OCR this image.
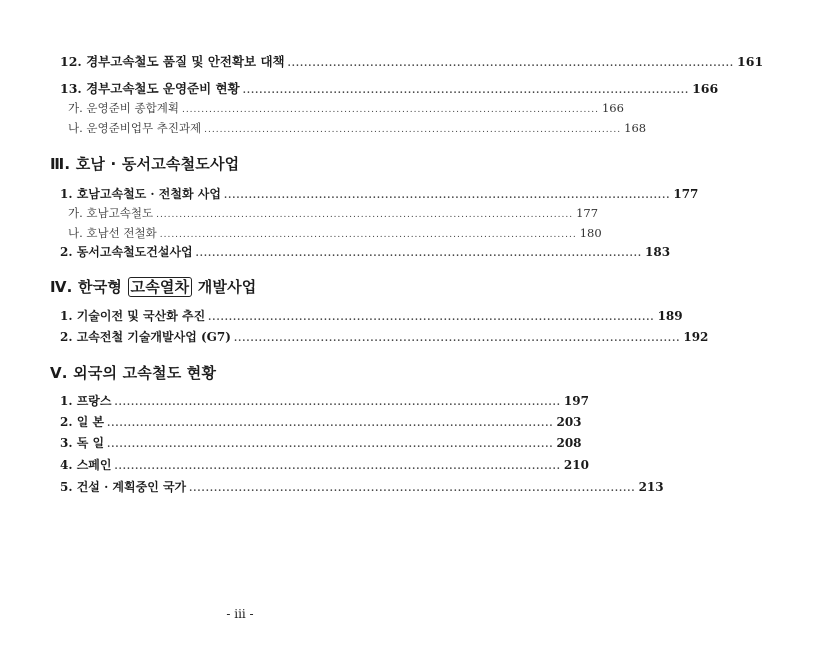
12. 경부고속철도 품질 및 안전확보 대책 ............................................................................................................ 161
13. 경부고속철도 운영준비 현황 ............................................................................................................ 166
가. 운영준비 종합계획 ............................................................................................................ 166
나. 운영준비업무 추진과제 ............................................................................................................ 168
Ⅲ. 호남 · 동서고속철도사업
1. 호남고속철도 · 전철화 사업 ............................................................................................................ 177
가. 호남고속철도 ............................................................................................................ 177
나. 호남선 전철화 ............................................................................................................ 180
2. 동서고속철도건설사업 ............................................................................................................ 183
Ⅳ. 한국형 고속열차 개발사업
1. 기술이전 및 국산화 추진 ............................................................................................................ 189
2. 고속전철 기술개발사업 (G7) ............................................................................................................ 192
Ⅴ. 외국의 고속철도 현황
1. 프랑스 ............................................................................................................ 197
2. 일 본 ............................................................................................................ 203
3. 독 일 ............................................................................................................ 208
4. 스페인 ............................................................................................................ 210
5. 건설 · 계획중인 국가 ............................................................................................................ 213
- iii -
